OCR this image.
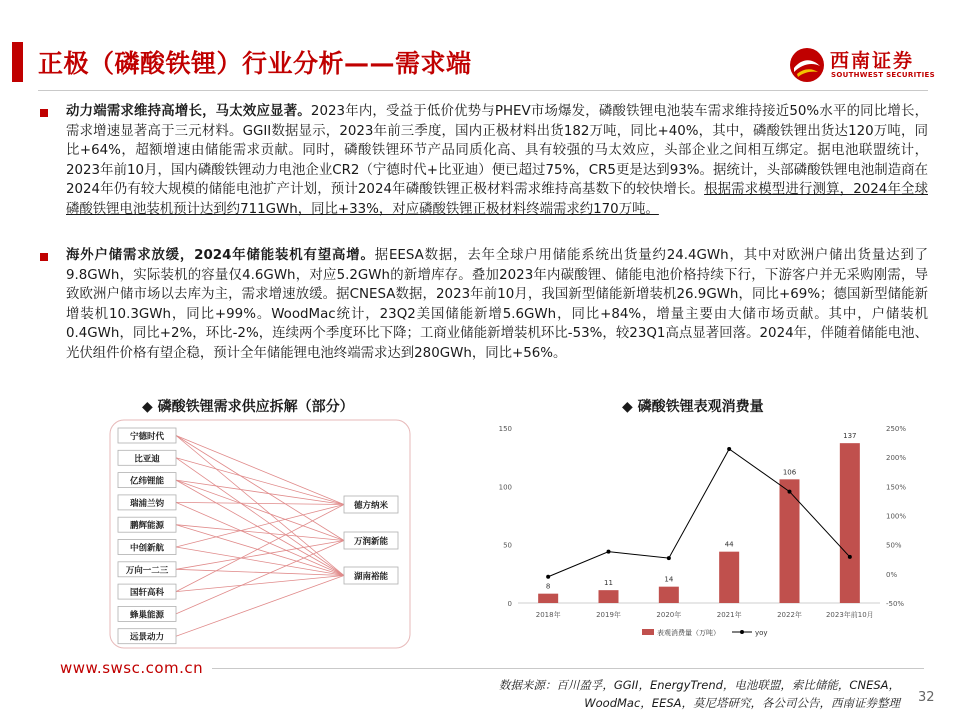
正极（磷酸铁锂）行业分析——需求端	西南证券
SOUTHWEST SECURITIES
动力端需求维持高增长，马太效应显著。2023年内，受益于低价优势与PHEV市场爆发，磷酸铁锂电池装车需求维持接近50%水平的同比增长，需求增速显著高于三元材料。GGII数据显示，2023年前三季度，国内正极材料出货182万吨，同比+40%，其中，磷酸铁锂出货达120万吨，同比+64%，超额增速由储能需求贡献。同时，磷酸铁锂环节产品同质化高、具有较强的马太效应，头部企业之间相互绑定。据电池联盟统计，2023年前10月，国内磷酸铁锂动力电池企业CR2（宁德时代+比亚迪）便已超过75%，CR5更是达到93%。据统计，头部磷酸铁锂电池制造商在2024年仍有较大规模的储能电池扩产计划，预计2024年磷酸铁锂正极材料需求维持高基数下的较快增长。根据需求模型进行测算，2024年全球磷酸铁锂电池装机预计达到约711GWh，同比+33%，对应磷酸铁锂正极材料终端需求约170万吨。
海外户储需求放缓，2024年储能装机有望高增。据EESA数据，去年全球户用储能系统出货量约24.4GWh，其中对欧洲户储出货量达到了9.8GWh，实际装机的容量仅4.6GWh，对应5.2GWh的新增库存。叠加2023年内碳酸锂、储能电池价格持续下行，下游客户并无采购刚需，导致欧洲户储市场以去库为主，需求增速放缓。据CNESA数据，2023年前10月，我国新型储能新增装机26.9GWh，同比+69%；德国新型储能新增装机10.3GWh，同比+99%。WoodMac统计，23Q2美国储能新增5.6GWh，同比+84%，增量主要由大储市场贡献。其中，户储装机0.4GWh，同比+2%，环比-2%，连续两个季度环比下降；工商业储能新增装机环比-53%，较23Q1高点显著回落。2024年，伴随着储能电池、光伏组件价格有望企稳，预计全年储能锂电池终端需求达到280GWh，同比+56%。
◆ 磷酸铁锂需求供应拆解（部分）	◆ 磷酸铁锂表观消费量
宁德时代
比亚迪
亿纬锂能
瑞浦兰钧
鹏辉能源
中创新航
万向一二三
国轩高科
蜂巢能源
远景动力
德方纳米
万润新能
湖南裕能
0
50
100
150
-50%
0%
50%
100%
150%
200%
250%
8
2018年
11
2019年
14
2020年
44
2021年
106
2022年
137
2023年前10月
表观消费量（万吨）	yoy
www.swsc.com.cn
数据来源：百川盈孚，GGII，EnergyTrend，电池联盟，索比储能，CNESA，
WoodMac，EESA，莫尼塔研究，各公司公告，西南证券整理 32
